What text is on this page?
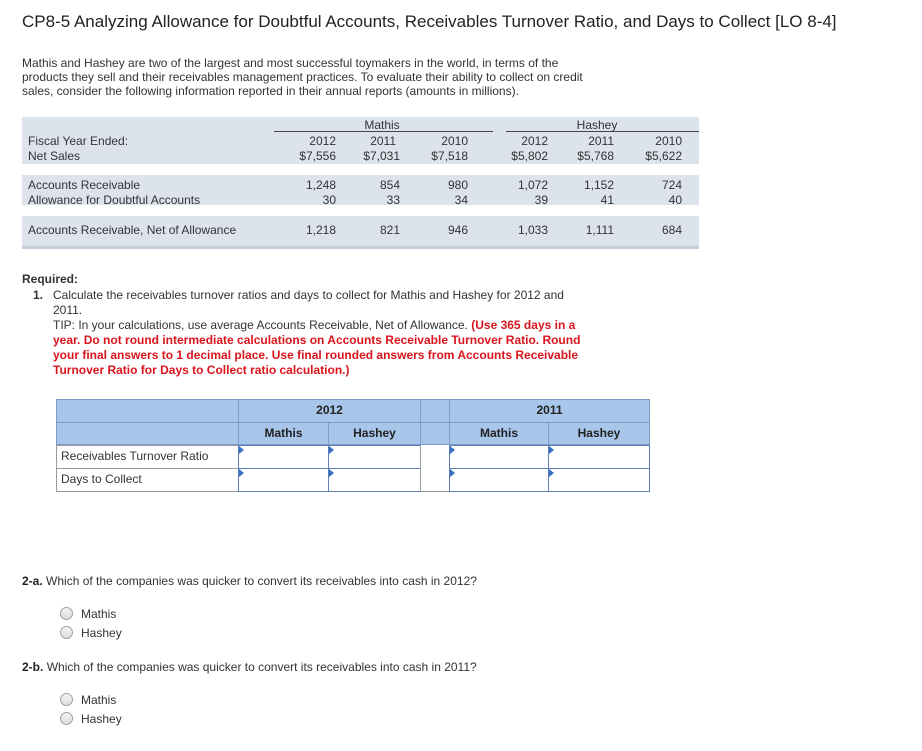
CP8-5 Analyzing Allowance for Doubtful Accounts, Receivables Turnover Ratio, and Days to Collect [LO 8-4]
Mathis and Hashey are two of the largest and most successful toymakers in the world, in terms of the
products they sell and their receivables management practices. To evaluate their ability to collect on credit
sales, consider the following information reported in their annual reports (amounts in millions).
Mathis	Hashey
Fiscal Year Ended:	2012	2011	2010	2012	2011	2010
Net Sales	$7,556	$7,031	$7,518	$5,802	$5,768	$5,622
Accounts Receivable	1,248	854	980	1,072	1,152	724
Allowance for Doubtful Accounts	30	33	34	39	41	40
Accounts Receivable, Net of Allowance	1,218	821	946	1,033	1,111	684
Required:
1. Calculate the receivables turnover ratios and days to collect for Mathis and Hashey for 2012 and
2011.
TIP: In your calculations, use average Accounts Receivable, Net of Allowance. (Use 365 days in a
year. Do not round intermediate calculations on Accounts Receivable Turnover Ratio. Round
your final answers to 1 decimal place. Use final rounded answers from Accounts Receivable
Turnover Ratio for Days to Collect ratio calculation.)
2012	2011
Mathis	Hashey	Mathis	Hashey
Receivables Turnover Ratio
Days to Collect
2-a. Which of the companies was quicker to convert its receivables into cash in 2012?
Mathis
Hashey
2-b. Which of the companies was quicker to convert its receivables into cash in 2011?
Mathis
Hashey
